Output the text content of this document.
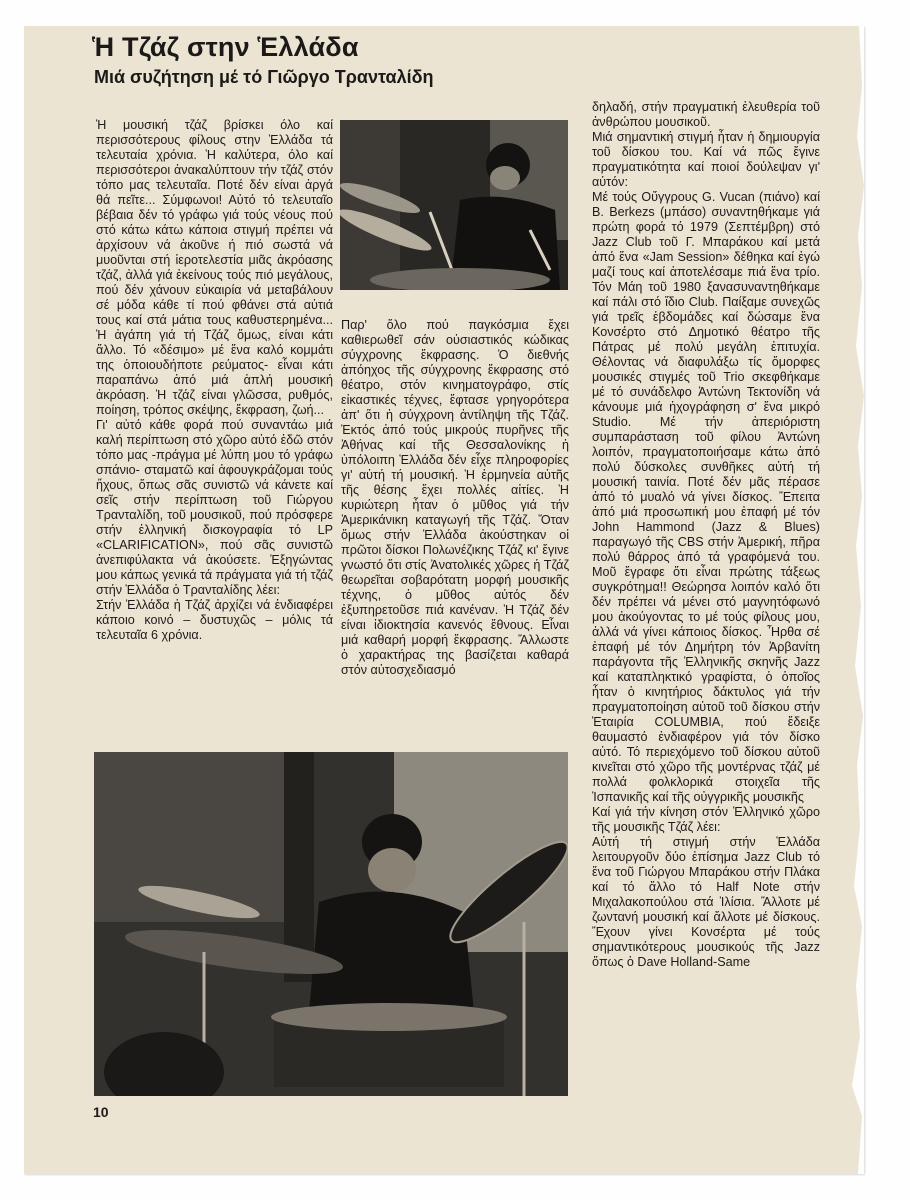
Ἡ Τζάζ στην Ἑλλάδα
Μιά συζήτηση μέ τό Γιῶργο Τρανταλίδη

Ἡ μουσική τζάζ βρίσκει όλο καί περισσότερους φίλους στην Ἑλλάδα τά τελευταία χρόνια. Ἡ καλύτερα, όλο καί περισσότεροι ἀνακαλύπτουν τήν τζάζ στόν τόπο μας τελευταῖα. Ποτέ δέν είναι ἀργά θά πεῖτε... Σύμφωνοι! Αὐτό τό τελευταῖο βέβαια δέν τό γράφω γιά τούς νέους πού στό κάτω κάτω κάποια στιγμή πρέπει νά ἀρχίσουν νά ἀκοῦνε ή πιό σωστά νά μυοῦνται στή ἱεροτελεστία μιᾶς ἀκρόασης τζάζ, ἀλλά γιά ἐκείνους τούς πιό μεγάλους, πού δέν χάνουν εὐκαιρία νά μεταβάλουν σέ μόδα κάθε τί πού φθάνει στά αὐτιά τους καί στά μάτια τους καθυστερημένα... Ἡ ἀγάπη γιά τή Τζάζ ὅμως, είναι κάτι ἄλλο. Τό «δέσιμο» μέ ἕνα καλό κομμάτι της ὁποιουδήποτε ρεύματος- εἶναι κάτι παραπάνω ἀπό μιά ἁπλή μουσική ἀκρόαση. Ἡ τζάζ είναι γλῶσσα, ρυθμός, ποίηση, τρόπος σκέψης, ἔκφραση, ζωή...

Γι' αὐτό κάθε φορά πού συναντάω μιά καλή περίπτωση στό χῶρο αὐτό ἐδῶ στόν τόπο μας -πράγμα μέ λύπη μου τό γράφω σπάνιο- σταματῶ καί ἀφουγκράζομαι τούς ἤχους, ὅπως σᾶς συνιστῶ νά κάνετε καί σεῖς στήν περίπτωση τοῦ Γιώργου Τρανταλίδη, τοῦ μουσικοῦ, πού πρόσφερε στήν ἑλληνική δισκογραφία τό LP «CLARIFICATION», πού σᾶς συνιστῶ ἀνεπιφύλακτα νά ἀκούσετε. Ἐξηγώντας μου κάπως γενικά τά πράγματα γιά τή τζάζ στήν Ἑλλάδα ὁ Τρανταλίδης λέει:

Στήν Ἑλλάδα ἡ Τζάζ ἀρχίζει νά ἐνδιαφέρει κάποιο κοινό – δυστυχῶς – μόλις τά τελευταῖα 6 χρόνια.

Παρ' ὅλο πού παγκόσμια ἔχει καθιερωθεῖ σάν οὐσιαστικός κώδικας σύγχρονης ἔκφρασης. Ὁ διεθνής ἀπόηχος τῆς σύγχρονης ἔκφρασης στό θέατρο, στόν κινηματογράφο, στίς εἰκαστικές τέχνες, ἔφτασε γρηγορότερα ἀπ' ὅτι ἡ σύγχρονη ἀντίληψη τῆς Τζάζ. Ἐκτός ἀπό τούς μικρούς πυρῆνες τῆς Ἀθήνας καί τῆς Θεσσαλονίκης ἡ ὑπόλοιπη Ἑλλάδα δέν εἶχε πληροφορίες γι' αὐτή τή μουσική. Ἡ ἑρμηνεία αὐτῆς τῆς θέσης ἔχει πολλές αἰτίες. Ἡ κυριώτερη ἦταν ὁ μῦθος γιά τήν Ἀμερικάνικη καταγωγή τῆς Τζάζ. Ὅταν ὅμως στήν Ἑλλάδα ἀκούστηκαν οἱ πρῶτοι δίσκοι Πολωνέζικης Τζάζ κι' ἔγινε γνωστό ὅτι στίς Ἀνατολικές χῶρες ἡ Τζάζ θεωρεῖται σοβαρότατη μορφή μουσικῆς τέχνης, ὁ μῦθος αὐτός δέν ἐξυπηρετοῦσε πιά κανέναν. Ἡ Τζάζ δέν είναι ἰδιοκτησία κανενός ἔθνους. Εἶναι μιά καθαρή μορφή ἔκφρασης. Ἄλλωστε ὁ χαρακτήρας της βασίζεται καθαρά στόν αὐτοσχεδιασμό

δηλαδή, στήν πραγματική ἐλευθερία τοῦ ἀνθρώπου μουσικοῦ.

Μιά σημαντική στιγμή ἦταν ἡ δημιουργία τοῦ δίσκου του. Καί νά πῶς ἔγινε πραγματικότητα καί ποιοί δούλεψαν γι' αὐτόν:

Μέ τούς Οὔγγρους G. Vucan (πιάνο) καί B. Berkezs (μπάσο) συναντηθήκαμε γιά πρώτη φορά τό 1979 (Σεπτέμβρη) στό Jazz Club τοῦ Γ. Μπαράκου καί μετά ἀπό ἕνα «Jam Session» δέθηκα καί ἐγώ μαζί τους καί ἀποτελέσαμε πιά ἕνα τρίο. Τόν Μάη τοῦ 1980 ξανασυναντηθήκαμε καί πάλι στό ἴδιο Club. Παίξαμε συνεχῶς γιά τρεῖς ἑβδομάδες καί δώσαμε ἕνα Κονσέρτο στό Δημοτικό θέατρο τῆς Πάτρας μέ πολύ μεγάλη ἐπιτυχία. Θέλοντας νά διαφυλάξω τίς ὄμορφες μουσικές στιγμές τοῦ Trio σκεφθήκαμε μέ τό συνάδελφο Ἀντώνη Τεκτονίδη νά κάνουμε μιά ἠχογράφηση σ' ἕνα μικρό Studio. Μέ τήν ἀπεριόριστη συμπαράσταση τοῦ φίλου Ἀντώνη λοιπόν, πραγματοποιήσαμε κάτω ἀπό πολύ δύσκολες συνθῆκες αὐτή τή μουσική ταινία. Ποτέ δέν μᾶς πέρασε ἀπό τό μυαλό νά γίνει δίσκος. Ἔπειτα ἀπό μιά προσωπική μου ἐπαφή μέ τόν John Hammond (Jazz & Blues) παραγωγό τῆς CBS στήν Ἀμερική, πῆρα πολύ θάρρος ἀπό τά γραφόμενά του. Μοῦ ἔγραφε ὅτι εἶναι πρώτης τάξεως συγκρότημα!! Θεώρησα λοιπόν καλό ὅτι δέν πρέπει νά μένει στό μαγνητόφωνό μου ἀκούγοντας το μέ τούς φίλους μου, ἀλλά νά γίνει κάποιος δίσκος. Ἦρθα σέ ἐπαφή μέ τόν Δημήτρη τόν Ἀρβανίτη παράγοντα τῆς Ἑλληνικῆς σκηνῆς Jazz καί καταπληκτικό γραφίστα, ὁ ὁποῖος ἦταν ὁ κινητήριος δάκτυλος γιά τήν πραγματοποίηση αὐτοῦ τοῦ δίσκου στήν Ἑταιρία COLUMBIA, πού ἔδειξε θαυμαστό ἐνδιαφέρον γιά τόν δίσκο αὐτό. Τό περιεχόμενο τοῦ δίσκου αὐτοῦ κινεῖται στό χῶρο τῆς μοντέρνας τζάζ μέ πολλά φολκλορικά στοιχεῖα τῆς Ἰσπανικῆς καί τῆς οὐγγρικῆς μουσικῆς

Καί γιά τήν κίνηση στόν Ἑλληνικό χῶρο τῆς μουσικῆς Τζάζ λέει:

Αὐτή τή στιγμή στήν Ἑλλάδα λειτουργοῦν δύο ἐπίσημα Jazz Club τό ἕνα τοῦ Γιώργου Μπαράκου στήν Πλάκα καί τό ἄλλο τό Half Note στήν Μιχαλακοπούλου στά Ἰλίσια. Ἄλλοτε μέ ζωντανή μουσική καί ἄλλοτε μέ δίσκους. Ἔχουν γίνει Κονσέρτα μέ τούς σημαντικότερους μουσικούς τῆς Jazz ὅπως ὁ Dave Holland-Same

10
